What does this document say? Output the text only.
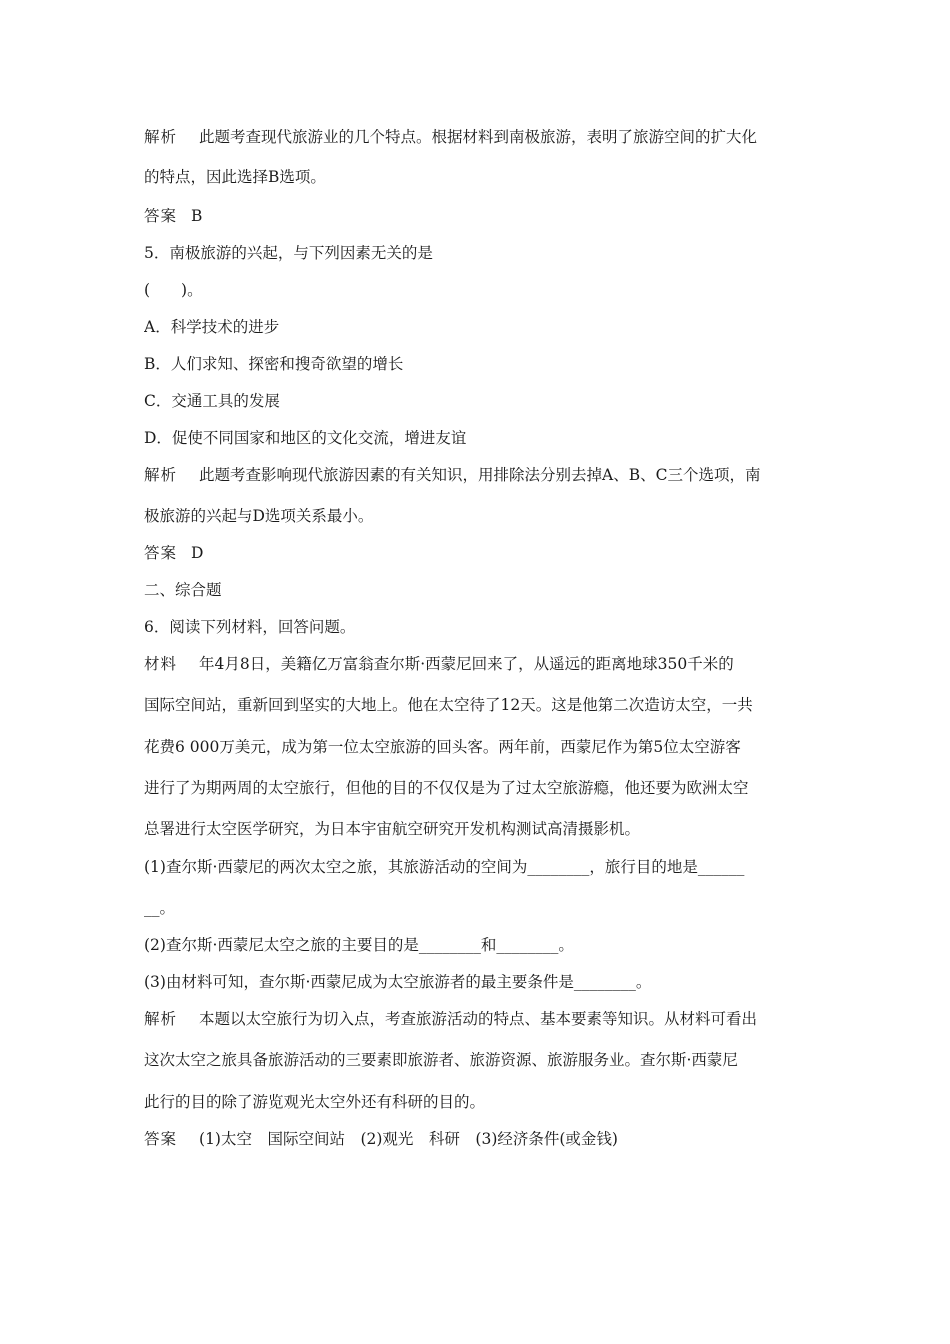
解析 此题考查现代旅游业的几个特点。根据材料到南极旅游，表明了旅游空间的扩大化
的特点，因此选择B选项。
答案 B
5．南极旅游的兴起，与下列因素无关的是
(　　)。
A．科学技术的进步
B．人们求知、探密和搜奇欲望的增长
C．交通工具的发展
D．促使不同国家和地区的文化交流，增进友谊
解析 此题考查影响现代旅游因素的有关知识，用排除法分别去掉A、B、C三个选项，南
极旅游的兴起与D选项关系最小。
答案 D
二、综合题
6．阅读下列材料，回答问题。
材料 年4月8日，美籍亿万富翁查尔斯·西蒙尼回来了，从遥远的距离地球350千米的
国际空间站，重新回到坚实的大地上。他在太空待了12天。这是他第二次造访太空，一共
花费6 000万美元，成为第一位太空旅游的回头客。两年前，西蒙尼作为第5位太空游客
进行了为期两周的太空旅行，但他的目的不仅仅是为了过太空旅游瘾，他还要为欧洲太空
总署进行太空医学研究，为日本宇宙航空研究开发机构测试高清摄影机。
(1)查尔斯·西蒙尼的两次太空之旅，其旅游活动的空间为________，旅行目的地是______
__。
(2)查尔斯·西蒙尼太空之旅的主要目的是________和________。
(3)由材料可知，查尔斯·西蒙尼成为太空旅游者的最主要条件是________。
解析 本题以太空旅行为切入点，考查旅游活动的特点、基本要素等知识。从材料可看出
这次太空之旅具备旅游活动的三要素即旅游者、旅游资源、旅游服务业。查尔斯·西蒙尼
此行的目的除了游览观光太空外还有科研的目的。
答案 (1)太空　国际空间站　(2)观光　科研　(3)经济条件(或金钱)
